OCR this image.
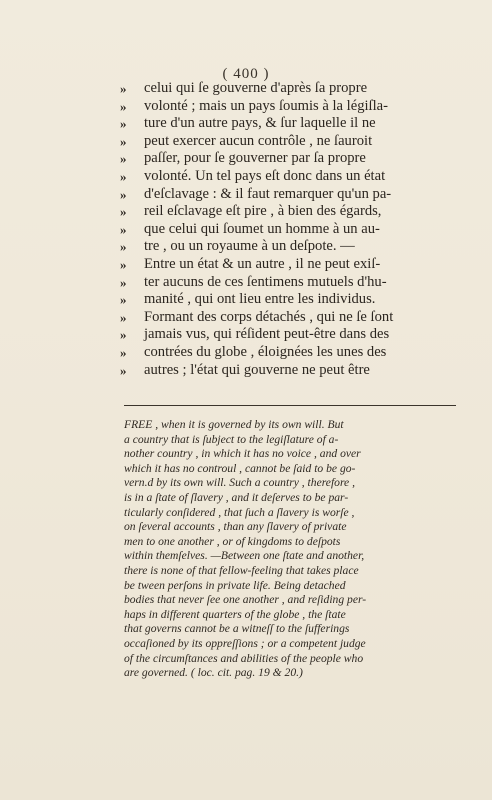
( 400 )
»	celui qui ſe gouverne d'après ſa propre
»	volonté ; mais un pays ſoumis à la légiſla-
»	ture d'un autre pays, & ſur laquelle il ne
»	peut exercer aucun contrôle , ne ſauroit
»	paſſer, pour ſe gouverner par ſa propre
»	volonté. Un tel pays eſt donc dans un état
»	d'eſclavage : & il faut remarquer qu'un pa-
»	reil eſclavage eſt pire , à bien des égards,
»	que celui qui ſoumet un homme à un au-
»	tre , ou un royaume à un deſpote. —
»	Entre un état & un autre , il ne peut exiſ-
»	ter aucuns de ces ſentimens mutuels d'hu-
»	manité , qui ont lieu entre les individus.
»	Formant des corps détachés , qui ne ſe ſont
»	jamais vus, qui réſident peut-être dans des
»	contrées du globe , éloignées les unes des
»	autres ; l'état qui gouverne ne peut être
FREE , when it is governed by its own will. But
a country that is ſubject to the legiſlature of a-
nother country , in which it has no voice , and over
which it has no controul , cannot be ſaid to be go-
vern.d by its own will. Such a country , therefore ,
is in a ſtate of ſlavery , and it deſerves to be par-
ticularly conſidered , that ſuch a ſlavery is worſe ,
on ſeveral accounts , than any ſlavery of private
men to one another , or of kingdoms to deſpots
within themſelves. —Between one ſtate and another,
there is none of that fellow-feeling that takes place
be tween perſons in private life. Being detached
bodies that never ſee one another , and reſiding per-
haps in different quarters of the globe , the ſtate
that governs cannot be a witneſſ to the ſufferings
occaſioned by its oppreſſions ; or a competent judge
of the circumſtances and abilities of the people who
are governed. ( loc. cit. pag. 19 & 20.)
